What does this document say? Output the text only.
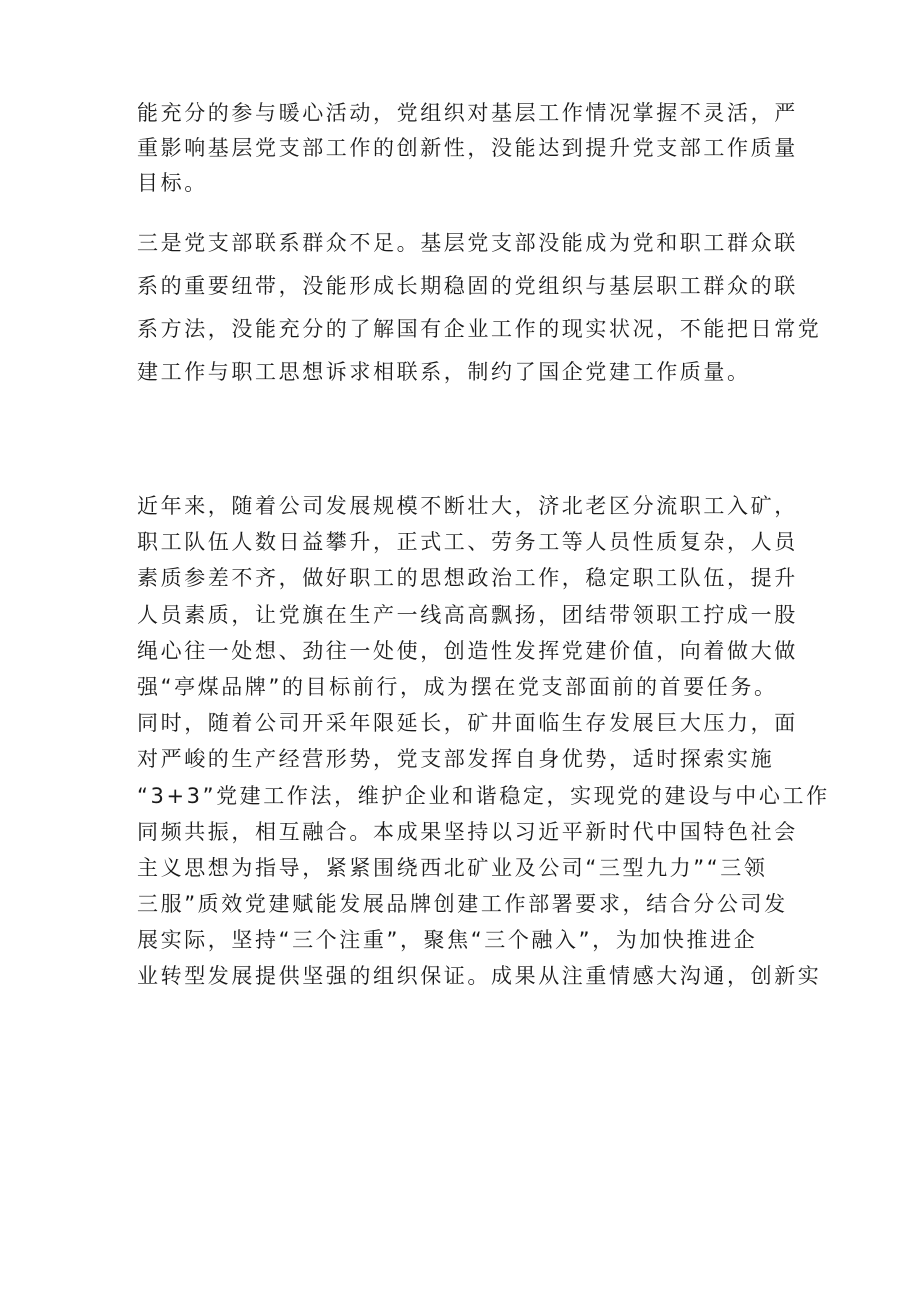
能充分的参与暖心活动，党组织对基层工作情况掌握不灵活，严
重影响基层党支部工作的创新性，没能达到提升党支部工作质量
目标。
三是党支部联系群众不足。基层党支部没能成为党和职工群众联
系的重要纽带，没能形成长期稳固的党组织与基层职工群众的联
系方法，没能充分的了解国有企业工作的现实状况，不能把日常党
建工作与职工思想诉求相联系，制约了国企党建工作质量。
近年来，随着公司发展规模不断壮大，济北老区分流职工入矿，
职工队伍人数日益攀升，正式工、劳务工等人员性质复杂，人员
素质参差不齐，做好职工的思想政治工作，稳定职工队伍，提升
人员素质，让党旗在生产一线高高飘扬，团结带领职工拧成一股
绳心往一处想、劲往一处使，创造性发挥党建价值，向着做大做
强“亭煤品牌”的目标前行，成为摆在党支部面前的首要任务。
同时，随着公司开采年限延长，矿井面临生存发展巨大压力，面
对严峻的生产经营形势，党支部发挥自身优势，适时探索实施
“3+3”党建工作法，维护企业和谐稳定，实现党的建设与中心工作
同频共振，相互融合。本成果坚持以习近平新时代中国特色社会
主义思想为指导，紧紧围绕西北矿业及公司“三型九力”“三领
三服”质效党建赋能发展品牌创建工作部署要求，结合分公司发
展实际，坚持“三个注重”，聚焦“三个融入”，为加快推进企
业转型发展提供坚强的组织保证。成果从注重情感大沟通，创新实
